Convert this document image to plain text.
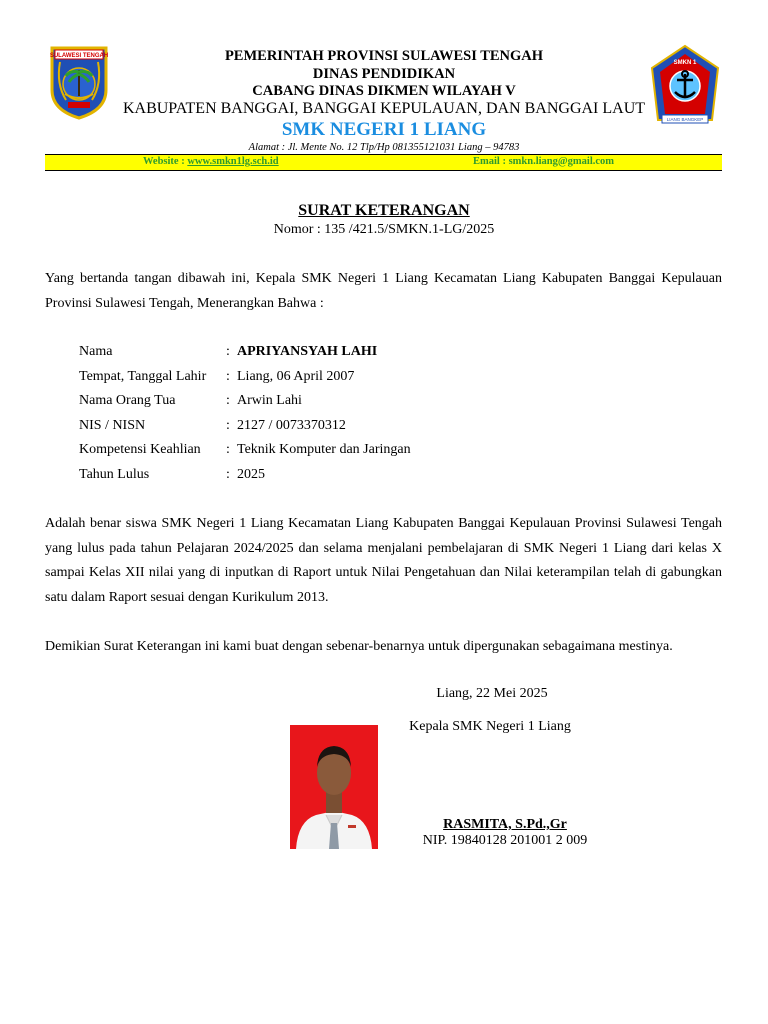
SULAWESI TENGAH
SMKN 1
LIANG BANGKEP
PEMERINTAH PROVINSI SULAWESI TENGAH
DINAS PENDIDIKAN
CABANG DINAS DIKMEN WILAYAH V
KABUPATEN BANGGAI, BANGGAI KEPULAUAN, DAN BANGGAI LAUT
SMK NEGERI 1 LIANG
Alamat : Jl. Mente No. 12 Tlp/Hp 081355121031 Liang – 94783
Website : www.smkn1lg.sch.id	Email : smkn.liang@gmail.com
SURAT KETERANGAN
Nomor : 135 /421.5/SMKN.1-LG/2025
Yang bertanda tangan dibawah ini, Kepala SMK Negeri 1 Liang Kecamatan Liang Kabupaten Banggai Kepulauan Provinsi Sulawesi Tengah, Menerangkan Bahwa :
Nama	: APRIYANSYAH LAHI
Tempat, Tanggal Lahir : Liang, 06 April 2007
Nama Orang Tua	: Arwin Lahi
NIS / NISN	: 2127 / 0073370312
Kompetensi Keahlian : Teknik Komputer dan Jaringan
Tahun Lulus	: 2025
Adalah benar siswa SMK Negeri 1 Liang Kecamatan Liang Kabupaten Banggai Kepulauan Provinsi Sulawesi Tengah yang lulus pada tahun Pelajaran 2024/2025 dan selama menjalani pembelajaran di SMK Negeri 1 Liang dari kelas X sampai Kelas XII nilai yang di inputkan di Raport untuk Nilai Pengetahuan dan Nilai keterampilan telah di gabungkan satu dalam Raport sesuai dengan Kurikulum 2013.
Demikian Surat Keterangan ini kami buat dengan sebenar-benarnya untuk dipergunakan sebagaimana mestinya.
Liang, 22 Mei 2025
Kepala SMK Negeri 1 Liang
RASMITA, S.Pd.,Gr
NIP. 19840128 201001 2 009
